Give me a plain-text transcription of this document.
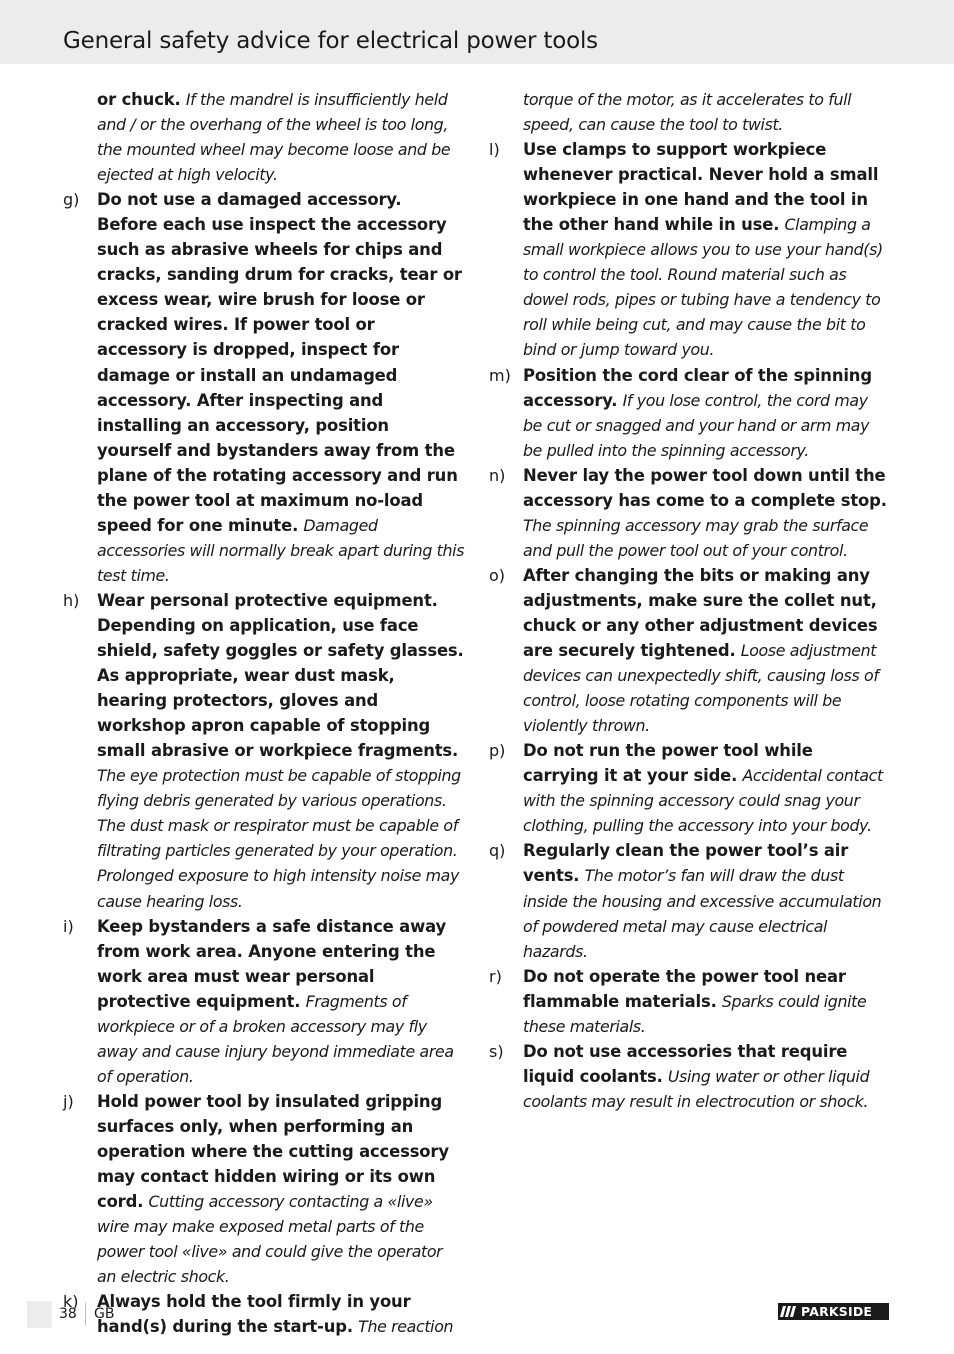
General safety advice for electrical power tools

or chuck. If the mandrel is insufficiently held and / or the overhang of the wheel is too long, the mounted wheel may become loose and be ejected at high velocity.

g) Do not use a damaged accessory. Before each use inspect the accessory such as abrasive wheels for chips and cracks, sanding drum for cracks, tear or excess wear, wire brush for loose or cracked wires. If power tool or accessory is dropped, inspect for damage or install an undamaged accessory. After inspecting and installing an accessory, position yourself and bystanders away from the plane of the rotating accessory and run the power tool at maximum no-load speed for one minute. Damaged accessories will normally break apart during this test time.

h) Wear personal protective equipment. Depending on application, use face shield, safety goggles or safety glasses. As appropriate, wear dust mask, hearing protectors, gloves and workshop apron capable of stopping small abrasive or workpiece fragments. The eye protection must be capable of stopping flying debris generated by various operations. The dust mask or respirator must be capable of filtrating particles generated by your operation. Prolonged exposure to high intensity noise may cause hearing loss.

i) Keep bystanders a safe distance away from work area. Anyone entering the work area must wear personal protective equipment. Fragments of workpiece or of a broken accessory may fly away and cause injury beyond immediate area of operation.

j) Hold power tool by insulated gripping surfaces only, when performing an operation where the cutting accessory may contact hidden wiring or its own cord. Cutting accessory contacting a «live» wire may make exposed metal parts of the power tool «live» and could give the operator an electric shock.

k) Always hold the tool firmly in your hand(s) during the start-up. The reaction

torque of the motor, as it accelerates to full speed, can cause the tool to twist.

l) Use clamps to support workpiece whenever practical. Never hold a small workpiece in one hand and the tool in the other hand while in use. Clamping a small workpiece allows you to use your hand(s) to control the tool. Round material such as dowel rods, pipes or tubing have a tendency to roll while being cut, and may cause the bit to bind or jump toward you.

m) Position the cord clear of the spinning accessory. If you lose control, the cord may be cut or snagged and your hand or arm may be pulled into the spinning accessory.

n) Never lay the power tool down until the accessory has come to a complete stop. The spinning accessory may grab the surface and pull the power tool out of your control.

o) After changing the bits or making any adjustments, make sure the collet nut, chuck or any other adjustment devices are securely tightened. Loose adjustment devices can unexpectedly shift, causing loss of control, loose rotating components will be violently thrown.

p) Do not run the power tool while carrying it at your side. Accidental contact with the spinning accessory could snag your clothing, pulling the accessory into your body.

q) Regularly clean the power tool’s air vents. The motor’s fan will draw the dust inside the housing and excessive accumulation of powdered metal may cause electrical hazards.

r) Do not operate the power tool near flammable materials. Sparks could ignite these materials.

s) Do not use accessories that require liquid coolants. Using water or other liquid coolants may result in electrocution or shock.

38 GB	PARKSIDE
